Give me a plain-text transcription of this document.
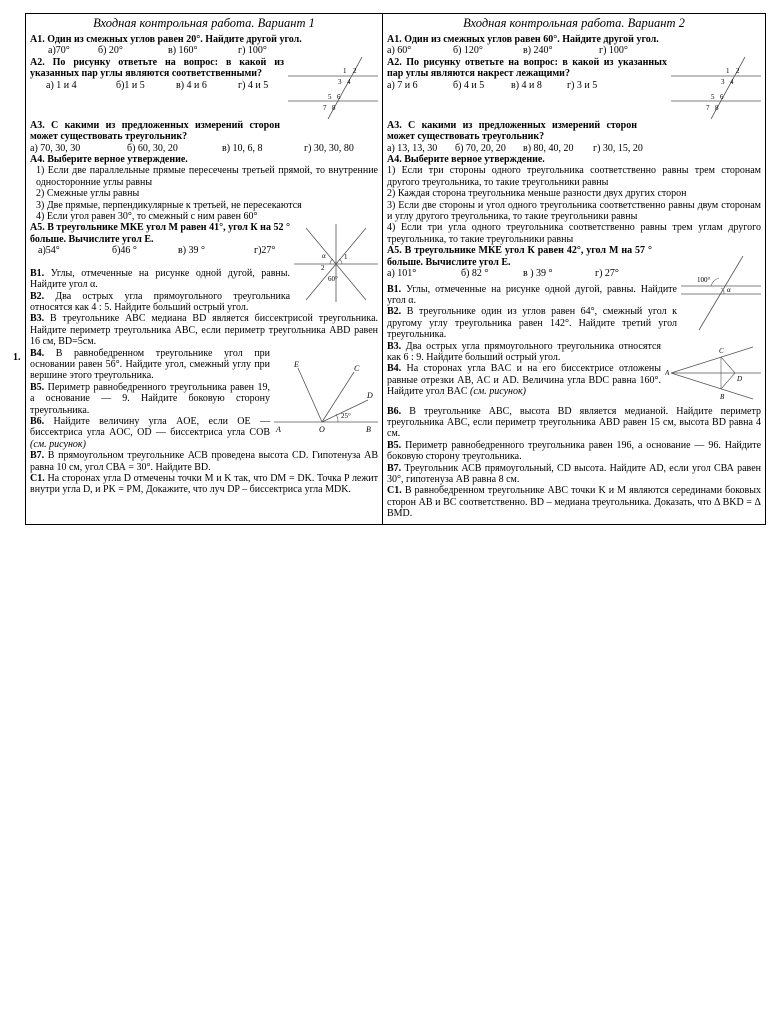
1.
Входная контрольная работа. Вариант 1

А1. Один из смежных углов равен 20°. Найдите другой угол.

а)70°	б) 20°	в) 160°	г) 100°
1 2
3 4
5 6
7 8

А2. По рисунку ответьте на вопрос: в какой из указанных пар углы являются соответственными?

а) 1 и 4	б)1 и 5	в) 4 и 6	г) 4 и 5

А3. С какими из предложенных измерений сторон может существовать треугольник?

а) 70, 30, 30	б) 60, 30, 20	в) 10, 6, 8	г) 30, 30, 80

А4. Выберите верное утверждение.

1) Если две параллельные прямые пересечены третьей прямой, то внутренние односторонние углы равны

2) Смежные углы равны

3) Две прямые, перпендикулярные к третьей, не пересекаются

4) Если угол равен 30°, то смежный с ним равен 60°

α	1
2
60°

А5. В треугольнике МКЕ угол М равен 41°, угол К на 52 ° больше. Вычислите угол Е.

а)54°	б)46 °	в) 39 °	г)27°

В1. Углы, отмеченные на рисунке одной дугой, равны. Найдите угол α.

В2. Два острых угла прямоугольного треугольника относятся как 4 : 5. Найдите больший острый угол.

В3. В треугольнике АВС медиана BD является биссектрисой треугольника. Найдите периметр треугольника ABC, если периметр треугольника ABD равен 16 см, BD=5см.

E	C
D
25°
A	O	B

В4. В равнобедренном треугольнике угол при основании равен 56°. Найдите угол, смежный углу при вершине этого треугольника.

В5. Периметр равнобедренного треугольника равен 19, а основание — 9. Найдите боковую сторону треугольника.

В6. Найдите величину угла AOE, если OE — биссектриса угла AOC, OD — биссектриса угла COB (см. рисунок)

В7. В прямоугольном треугольнике АСВ проведена высота CD. Гипотенуза АВ равна 10 см, угол СВА = 30°. Найдите BD.

С1. На сторонах угла D отмечены точки M и K так, что DM = DK. Точка P лежит внутри угла D, и PK = PM, Докажите, что луч DP – биссектриса угла MDK.

Входная контрольная работа. Вариант 2

А1. Один из смежных углов равен 60°. Найдите другой угол.

а) 60°	б) 120°	в) 240°	г) 100°
1 2
3 4
5 6
7 8

А2. По рисунку ответьте на вопрос: в какой из указанных пар углы являются накрест лежащими?

а) 7 и 6	б) 4 и 5	в) 4 и 8	г) 3 и 5

А3. С какими из предложенных измерений сторон может существовать треугольник?

а) 13, 13, 30	б) 70, 20, 20	в) 80, 40, 20	г) 30, 15, 20

А4. Выберите верное утверждение.

1) Если три стороны одного треугольника соответственно равны трем сторонам другого треугольника, то такие треугольники равны

2) Каждая сторона треугольника меньше разности двух других сторон

3) Если две стороны и угол одного треугольника соответственно равны двум сторонам и углу другого треугольника, то такие треугольники равны

4) Если три угла одного треугольника соответственно равны трем углам другого треугольника, то такие треугольники равны

А5. В треугольнике МКЕ угол К равен 42°, угол М на 57 ° больше. Вычислите угол Е.

а) 101°	б) 82 °	в ) 39 °	г) 27°
100°
α

В1. Углы, отмеченные на рисунке одной дугой, равны. Найдите угол α.

В2. В треугольнике один из углов равен 64°, смежный угол к другому углу треугольника равен 142°. Найдите третий угол треугольника.

C
A
D
B

В3. Два острых угла прямоугольного треугольника относятся как 6 : 9. Найдите больший острый угол.

В4. На сторонах угла BAC и на его биссектрисе отложены равные отрезки AB, AC и AD. Величина угла BDC равна 160°. Найдите угол BAC (см. рисунок)

В6. В треугольнике ABC, высота BD является медианой. Найдите периметр треугольника ABC, если периметр треугольника ABD равен 15 см, высота BD равна 4 см.

В5. Периметр равнобедренного треугольника равен 196, а основание — 96. Найдите боковую сторону треугольника.

В7. Треугольник АСВ прямоугольный, CD высота. Найдите AD, если угол СВА равен 30°, гипотенуза АВ равна 8 см.

С1. В равнобедренном треугольнике ABC точки K и M являются серединами боковых сторон AB и BC соответственно. BD – медиана треугольника. Доказать, что Δ BKD = Δ BMD.
